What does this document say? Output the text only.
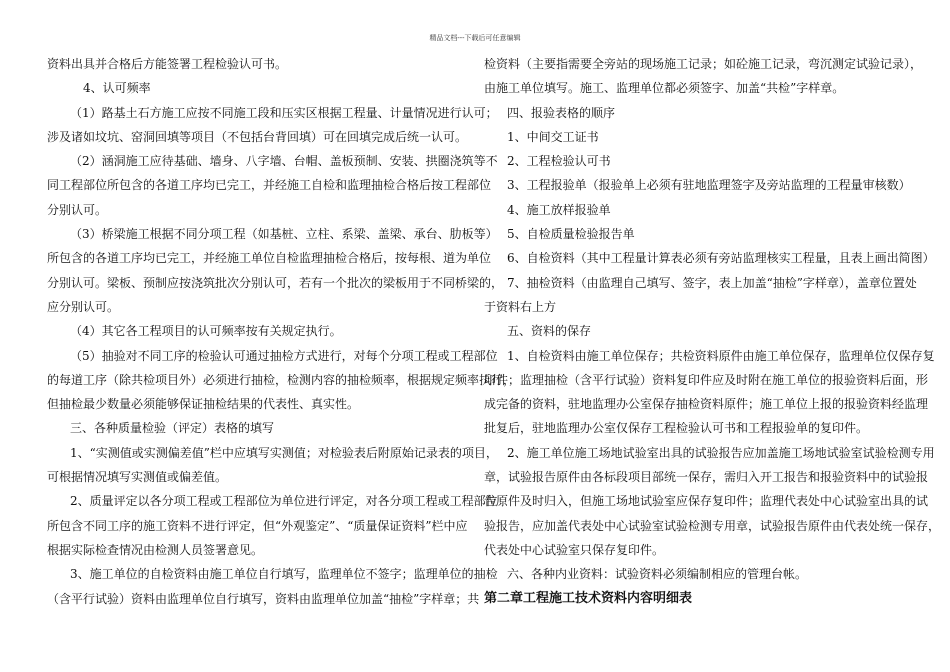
精品文档---下载后可任意编辑
资料出具并合格后方能签署工程检验认可书。
4、认可频率
（1）路基土石方施工应按不同施工段和压实区根据工程量、计量情况进行认可；
涉及诸如坟坑、窑洞回填等项目（不包括台背回填）可在回填完成后统一认可。
（2）涵洞施工应待基础、墙身、八字墙、台帽、盖板预制、安装、拱圈浇筑等不
同工程部位所包含的各道工序均已完工，并经施工自检和监理抽检合格后按工程部位
分别认可。
（3）桥梁施工根据不同分项工程（如基桩、立柱、系梁、盖梁、承台、肋板等）
所包含的各道工序均已完工，并经施工单位自检监理抽检合格后，按每根、道为单位
分别认可。梁板、预制应按浇筑批次分别认可，若有一个批次的梁板用于不同桥梁的，
应分别认可。
（4）其它各工程项目的认可频率按有关规定执行。
（5）抽验对不同工序的检验认可通过抽检方式进行，对每个分项工程或工程部位
的每道工序（除共检项目外）必须进行抽检，检测内容的抽检频率，根据规定频率执行，
但抽检最少数量必须能够保证抽检结果的代表性、真实性。
三、各种质量检验（评定）表格的填写
1、“实测值或实测偏差值”栏中应填写实测值；对检验表后附原始记录表的项目，
可根据情况填写实测值或偏差值。
2、质量评定以各分项工程或工程部位为单位进行评定，对各分项工程或工程部位
所包含不同工序的施工资料不进行评定，但“外观鉴定”、“质量保证资料”栏中应
根据实际检查情况由检测人员签署意见。
3、施工单位的自检资料由施工单位自行填写，监理单位不签字；监理单位的抽检
（含平行试验）资料由监理单位自行填写，资料由监理单位加盖“抽检”字样章；共
检资料（主要指需要全旁站的现场施工记录；如砼施工记录，弯沉测定试验记录），
由施工单位填写。施工、监理单位都必须签字、加盖“共检”字样章。
四、报验表格的顺序
1、中间交工证书
2、工程检验认可书
3、工程报验单（报验单上必须有驻地监理签字及旁站监理的工程量审核数）
4、施工放样报验单
5、自检质量检验报告单
6、自检资料（其中工程量计算表必须有旁站监理核实工程量，且表上画出简图）
7、抽检资料（由监理自己填写、签字，表上加盖“抽检”字样章），盖章位置处
于资料右上方
五、资料的保存
1、自检资料由施工单位保存；共检资料原件由施工单位保存，监理单位仅保存复
印件；监理抽检（含平行试验）资料复印件应及时附在施工单位的报验资料后面，形
成完备的资料，驻地监理办公室保存抽检资料原件；施工单位上报的报验资料经监理
批复后，驻地监理办公室仅保存工程检验认可书和工程报验单的复印件。
2、施工单位施工场地试验室出具的试验报告应加盖施工场地试验室试验检测专用
章，试验报告原件由各标段项目部统一保存，需归入开工报告和报验资料中的试验报
告原件及时归入，但施工场地试验室应保存复印件；监理代表处中心试验室出具的试
验报告，应加盖代表处中心试验室试验检测专用章，试验报告原件由代表处统一保存，
代表处中心试验室只保存复印件。
六、各种内业资料：试验资料必须编制相应的管理台帐。
第二章工程施工技术资料内容明细表
